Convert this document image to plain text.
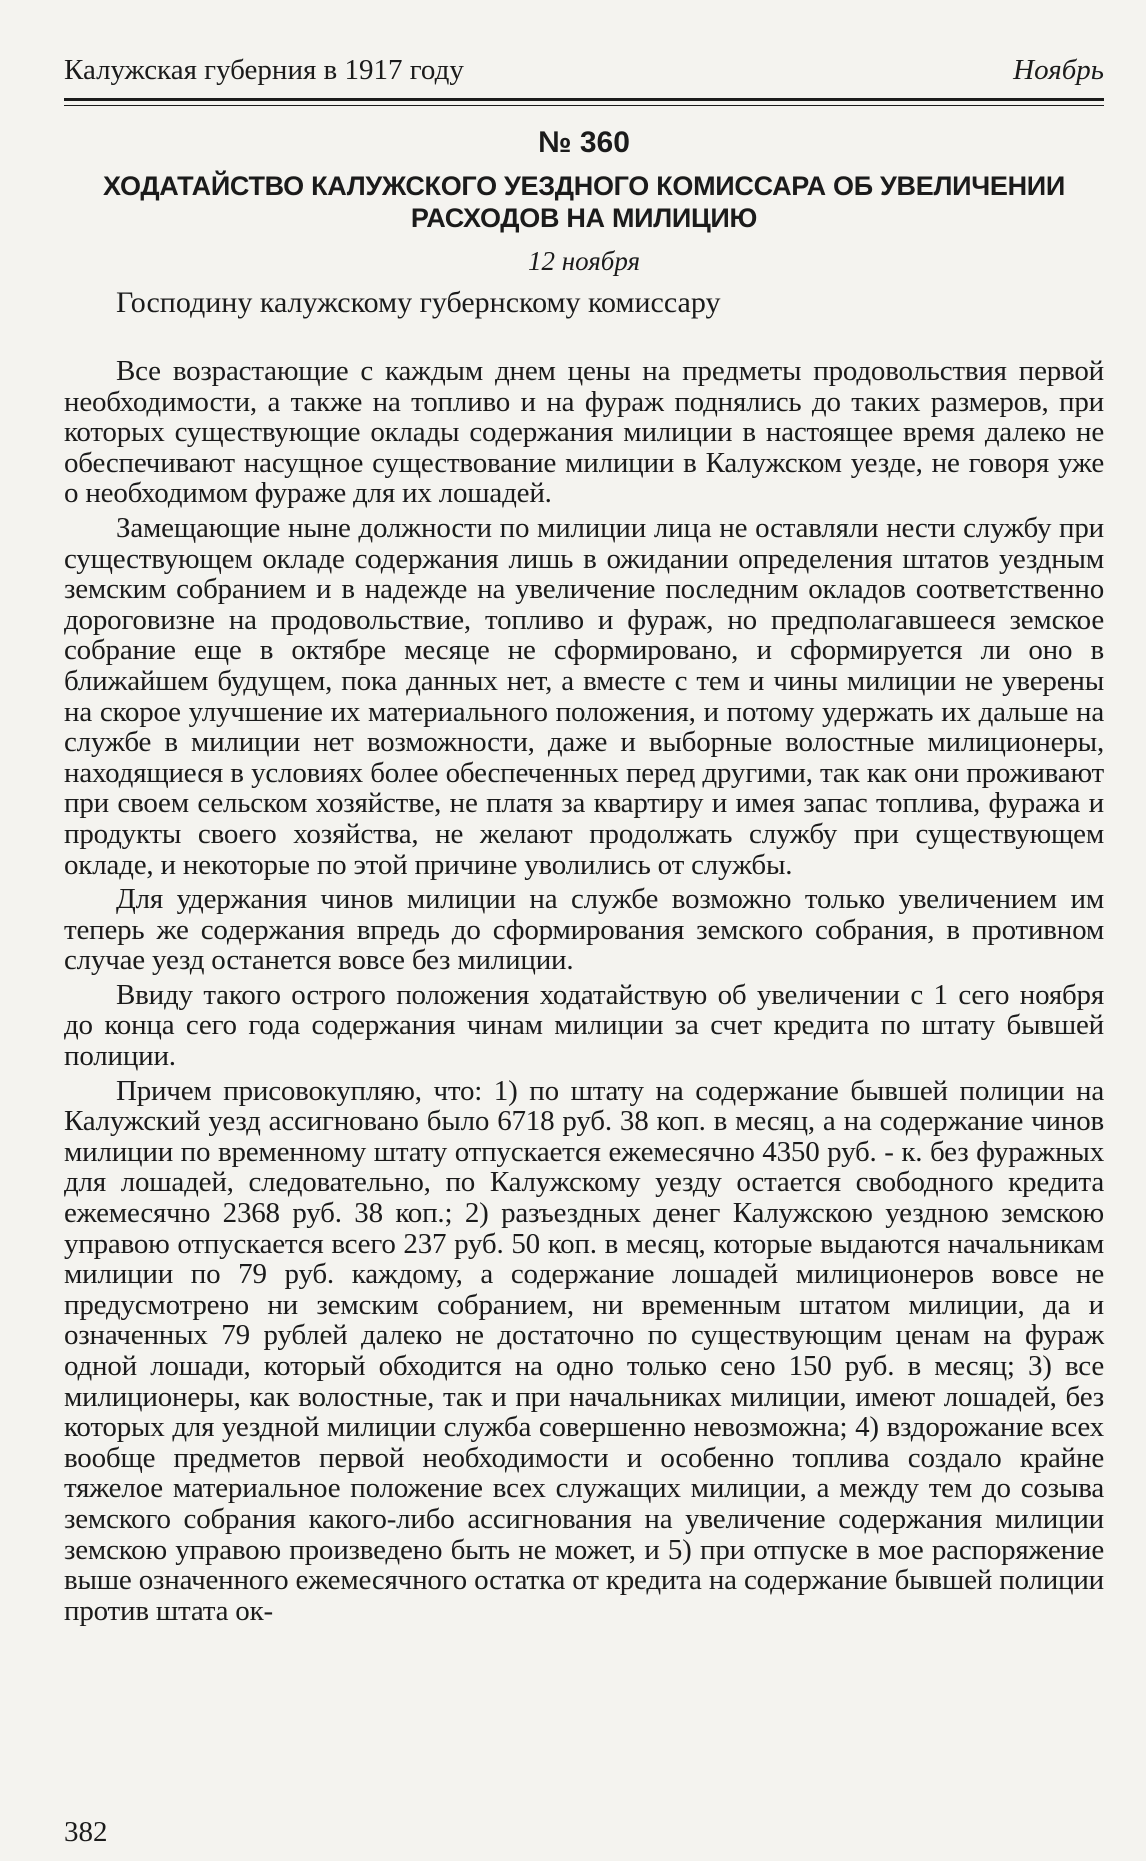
Калужская губерния в 1917 году	Ноябрь
№ 360
ХОДАТАЙСТВО КАЛУЖСКОГО УЕЗДНОГО КОМИССАРА ОБ УВЕЛИЧЕНИИ РАСХОДОВ НА МИЛИЦИЮ
12 ноября
Господину калужскому губернскому комиссару

Все возрастающие с каждым днем цены на предметы продовольствия первой необходимости, а также на топливо и на фураж поднялись до таких размеров, при которых существующие оклады содержания милиции в настоящее время далеко не обеспечивают насущное существование милиции в Калужском уезде, не говоря уже о необходимом фураже для их лошадей.

Замещающие ныне должности по милиции лица не оставляли нести службу при существующем окладе содержания лишь в ожидании определения штатов уездным земским собранием и в надежде на увеличение последним окладов соответственно дороговизне на продовольствие, топливо и фураж, но предполагавшееся земское собрание еще в октябре месяце не сформировано, и сформируется ли оно в ближайшем будущем, пока данных нет, а вместе с тем и чины милиции не уверены на скорое улучшение их материального положения, и потому удержать их дальше на службе в милиции нет возможности, даже и выборные волостные милиционеры, находящиеся в условиях более обеспеченных перед другими, так как они проживают при своем сельском хозяйстве, не платя за квартиру и имея запас топлива, фуража и продукты своего хозяйства, не желают продолжать службу при существующем окладе, и некоторые по этой причине уволились от службы.

Для удержания чинов милиции на службе возможно только увеличением им теперь же содержания впредь до сформирования земского собрания, в противном случае уезд останется вовсе без милиции.

Ввиду такого острого положения ходатайствую об увеличении с 1 сего ноября до конца сего года содержания чинам милиции за счет кредита по штату бывшей полиции.

Причем присовокупляю, что: 1) по штату на содержание бывшей полиции на Калужский уезд ассигновано было 6718 руб. 38 коп. в месяц, а на содержание чинов милиции по временному штату отпускается ежемесячно 4350 руб. - к. без фуражных для лошадей, следовательно, по Калужскому уезду остается свободного кредита ежемесячно 2368 руб. 38 коп.; 2) разъездных денег Калужскою уездною земскою управою отпускается всего 237 руб. 50 коп. в месяц, которые выдаются начальникам милиции по 79 руб. каждому, а содержание лошадей милиционеров вовсе не предусмотрено ни земским собранием, ни временным штатом милиции, да и означенных 79 рублей далеко не достаточно по существующим ценам на фураж одной лошади, который обходится на одно только сено 150 руб. в месяц; 3) все милиционеры, как волостные, так и при начальниках милиции, имеют лошадей, без которых для уездной милиции служба совершенно невозможна; 4) вздорожание всех вообще предметов первой необходимости и особенно топлива создало крайне тяжелое материальное положение всех служащих милиции, а между тем до созыва земского собрания какого-либо ассигнования на увеличение содержания милиции земскою управою произведено быть не может, и 5) при отпуске в мое распоряжение выше означенного ежемесячного остатка от кредита на содержание бывшей полиции против штата ок-

382
